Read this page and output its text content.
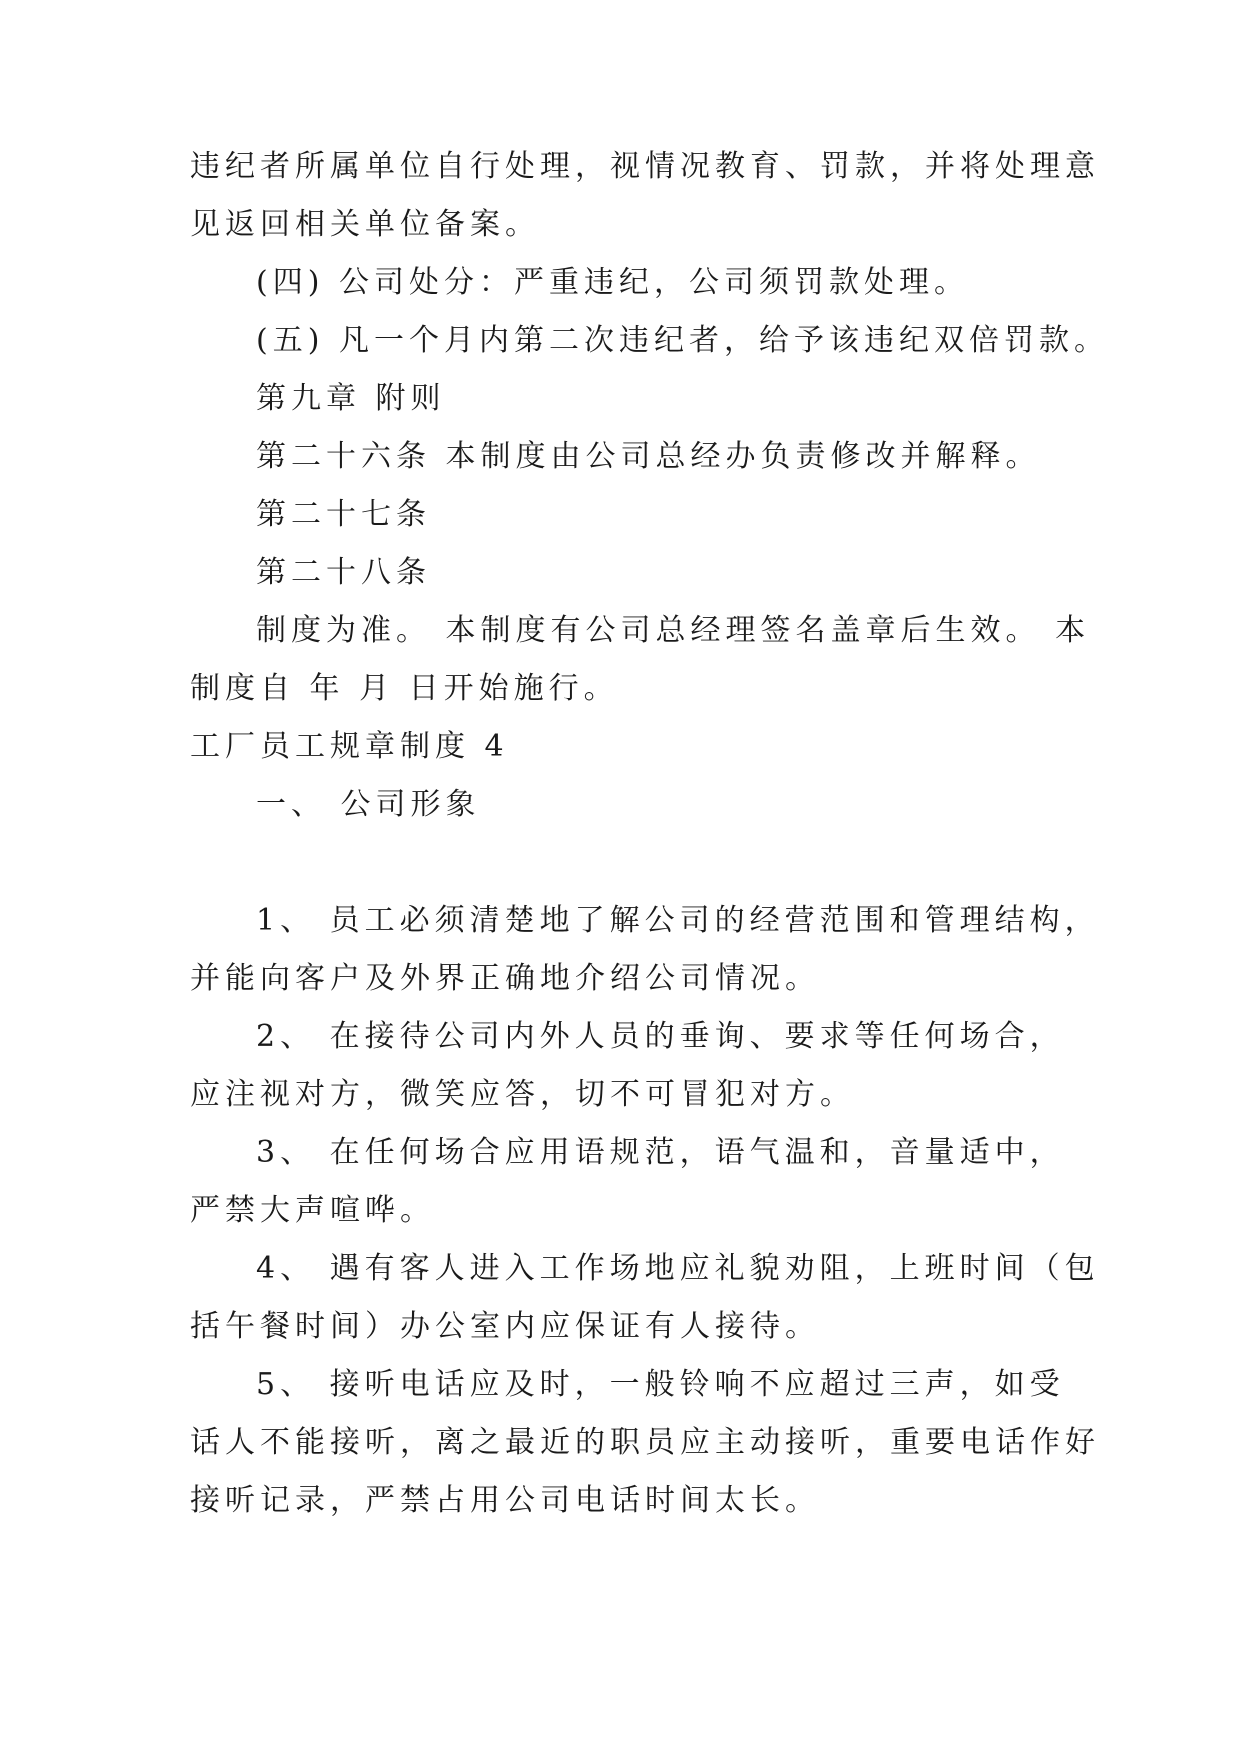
违纪者所属单位自行处理，视情况教育、罚款，并将处理意
见返回相关单位备案。
(四) 公司处分：严重违纪，公司须罚款处理。
(五) 凡一个月内第二次违纪者，给予该违纪双倍罚款。
第九章 附则
第二十六条 本制度由公司总经办负责修改并解释。
第二十七条
第二十八条
制度为准。 本制度有公司总经理签名盖章后生效。 本
制度自 年 月 日开始施行。
工厂员工规章制度 4
一、 公司形象
1、 员工必须清楚地了解公司的经营范围和管理结构，
并能向客户及外界正确地介绍公司情况。
2、 在接待公司内外人员的垂询、要求等任何场合，
应注视对方，微笑应答，切不可冒犯对方。
3、 在任何场合应用语规范，语气温和，音量适中，
严禁大声喧哗。
4、 遇有客人进入工作场地应礼貌劝阻，上班时间（包
括午餐时间）办公室内应保证有人接待。
5、 接听电话应及时，一般铃响不应超过三声，如受
话人不能接听，离之最近的职员应主动接听，重要电话作好
接听记录，严禁占用公司电话时间太长。
